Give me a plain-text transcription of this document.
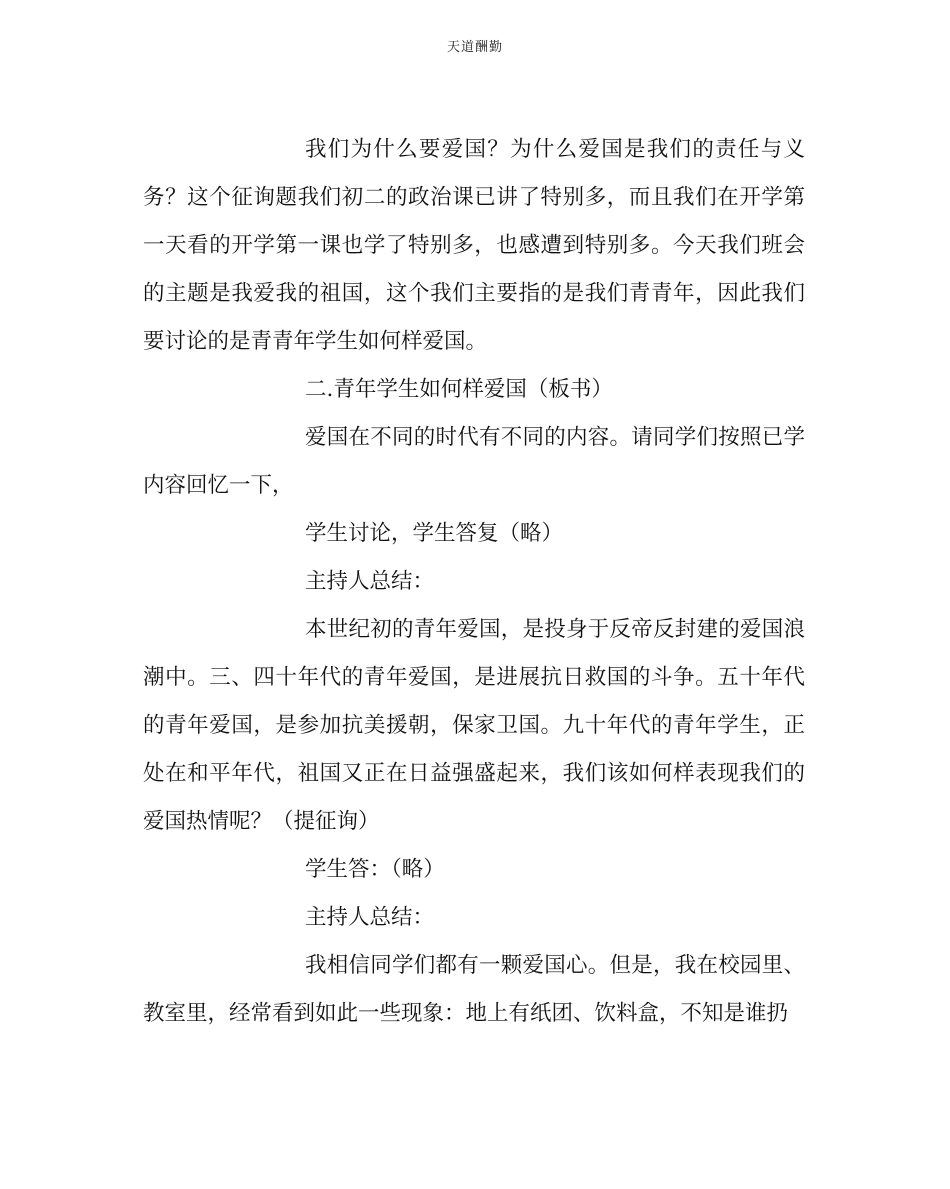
天道酬勤

我们为什么要爱国？为什么爱国是我们的责任与义务？这个征询题我们初二的政治课已讲了特别多，而且我们在开学第一天看的开学第一课也学了特别多，也感遭到特别多。今天我们班会的主题是我爱我的祖国，这个我们主要指的是我们青青年，因此我们要讨论的是青青年学生如何样爱国。

二.青年学生如何样爱国（板书）

爱国在不同的时代有不同的内容。请同学们按照已学内容回忆一下，

学生讨论，学生答复（略）

主持人总结：

本世纪初的青年爱国，是投身于反帝反封建的爱国浪潮中。三、四十年代的青年爱国，是进展抗日救国的斗争。五十年代的青年爱国，是参加抗美援朝，保家卫国。九十年代的青年学生，正处在和平年代，祖国又正在日益强盛起来，我们该如何样表现我们的爱国热情呢？（提征询）

学生答：（略）

主持人总结：

我相信同学们都有一颗爱国心。但是，我在校园里、教室里，经常看到如此一些现象：地上有纸团、饮料盒，不知是谁扔
